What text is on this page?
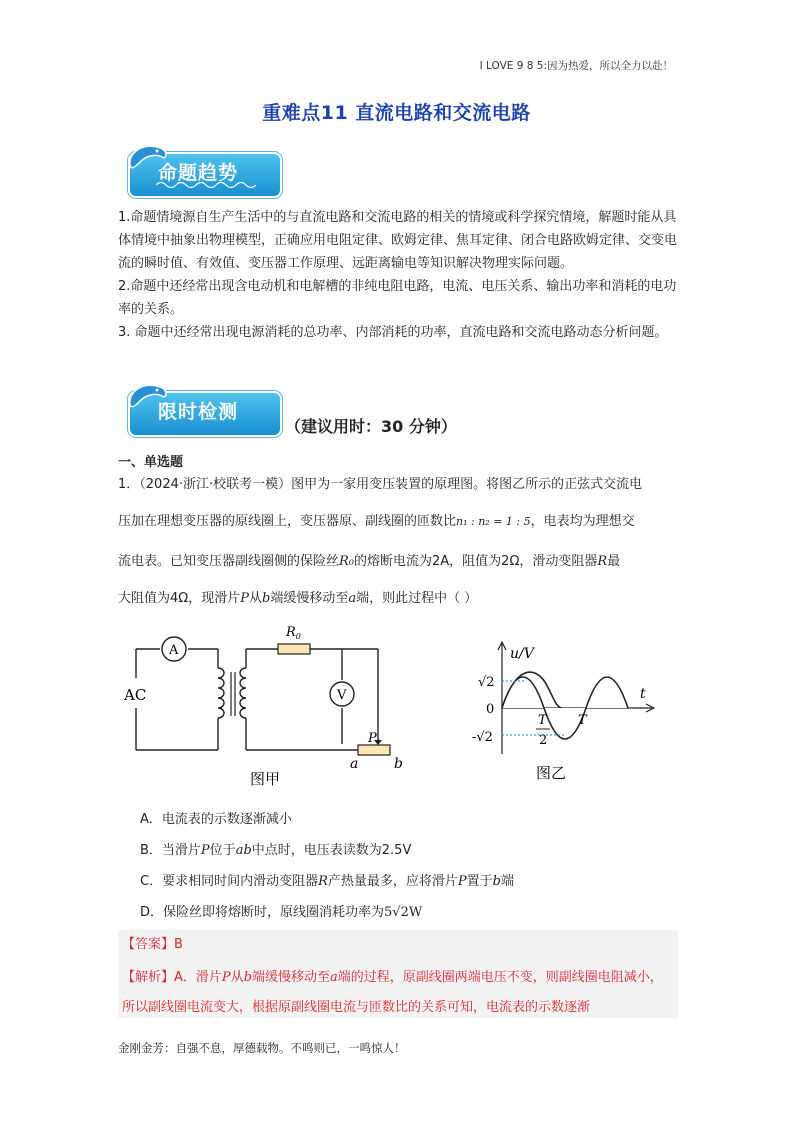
I LOVE 9 8 5:因为热爱，所以全力以赴！
重难点11 直流电路和交流电路
命题趋势

1.命题情境源自生产生活中的与直流电路和交流电路的相关的情境或科学探究情境，解题时能从具体情境中抽象出物理模型，正确应用电阻定律、欧姆定律、焦耳定律、闭合电路欧姆定律、交变电流的瞬时值、有效值、变压器工作原理、远距离输电等知识解决物理实际问题。

2.命题中还经常出现含电动机和电解槽的非纯电阻电路，电流、电压关系、输出功率和消耗的电功率的关系。

3. 命题中还经常出现电源消耗的总功率、内部消耗的功率，直流电路和交流电路动态分析问题。

限时检测
（建议用时：30 分钟）
一、单选题
1．（2024·浙江·校联考一模）图甲为一家用变压装置的原理图。将图乙所示的正弦式交流电
压加在理想变压器的原线圈上，变压器原、副线圈的匝数比n₁ : n₂ = 1 : 5，电表均为理想交
流电表。已知变压器副线圈侧的保险丝R₀的熔断电流为2A，阻值为2Ω，滑动变阻器R最
大阻值为4Ω，现滑片P从b端缓慢移动至a端，则此过程中（ ）
A
AC
$R_0$
V
P
a	b
图甲
u/V
t
0
√2
-√2
T
2
T
图乙
A．电流表的示数逐渐减小
B．当滑片P位于ab中点时，电压表读数为2.5V
C．要求相同时间内滑动变阻器R产热量最多，应将滑片P置于b端
D．保险丝即将熔断时，原线圈消耗功率为5√2W
【答案】B
【解析】A．滑片P从b端缓慢移动至a端的过程，原副线圈两端电压不变，则副线圈电阻减小，所以副线圈电流变大，根据原副线圈电流与匝数比的关系可知，电流表的示数逐渐
金刚金芳：自强不息，厚德载物。不鸣则已，一鸣惊人！
